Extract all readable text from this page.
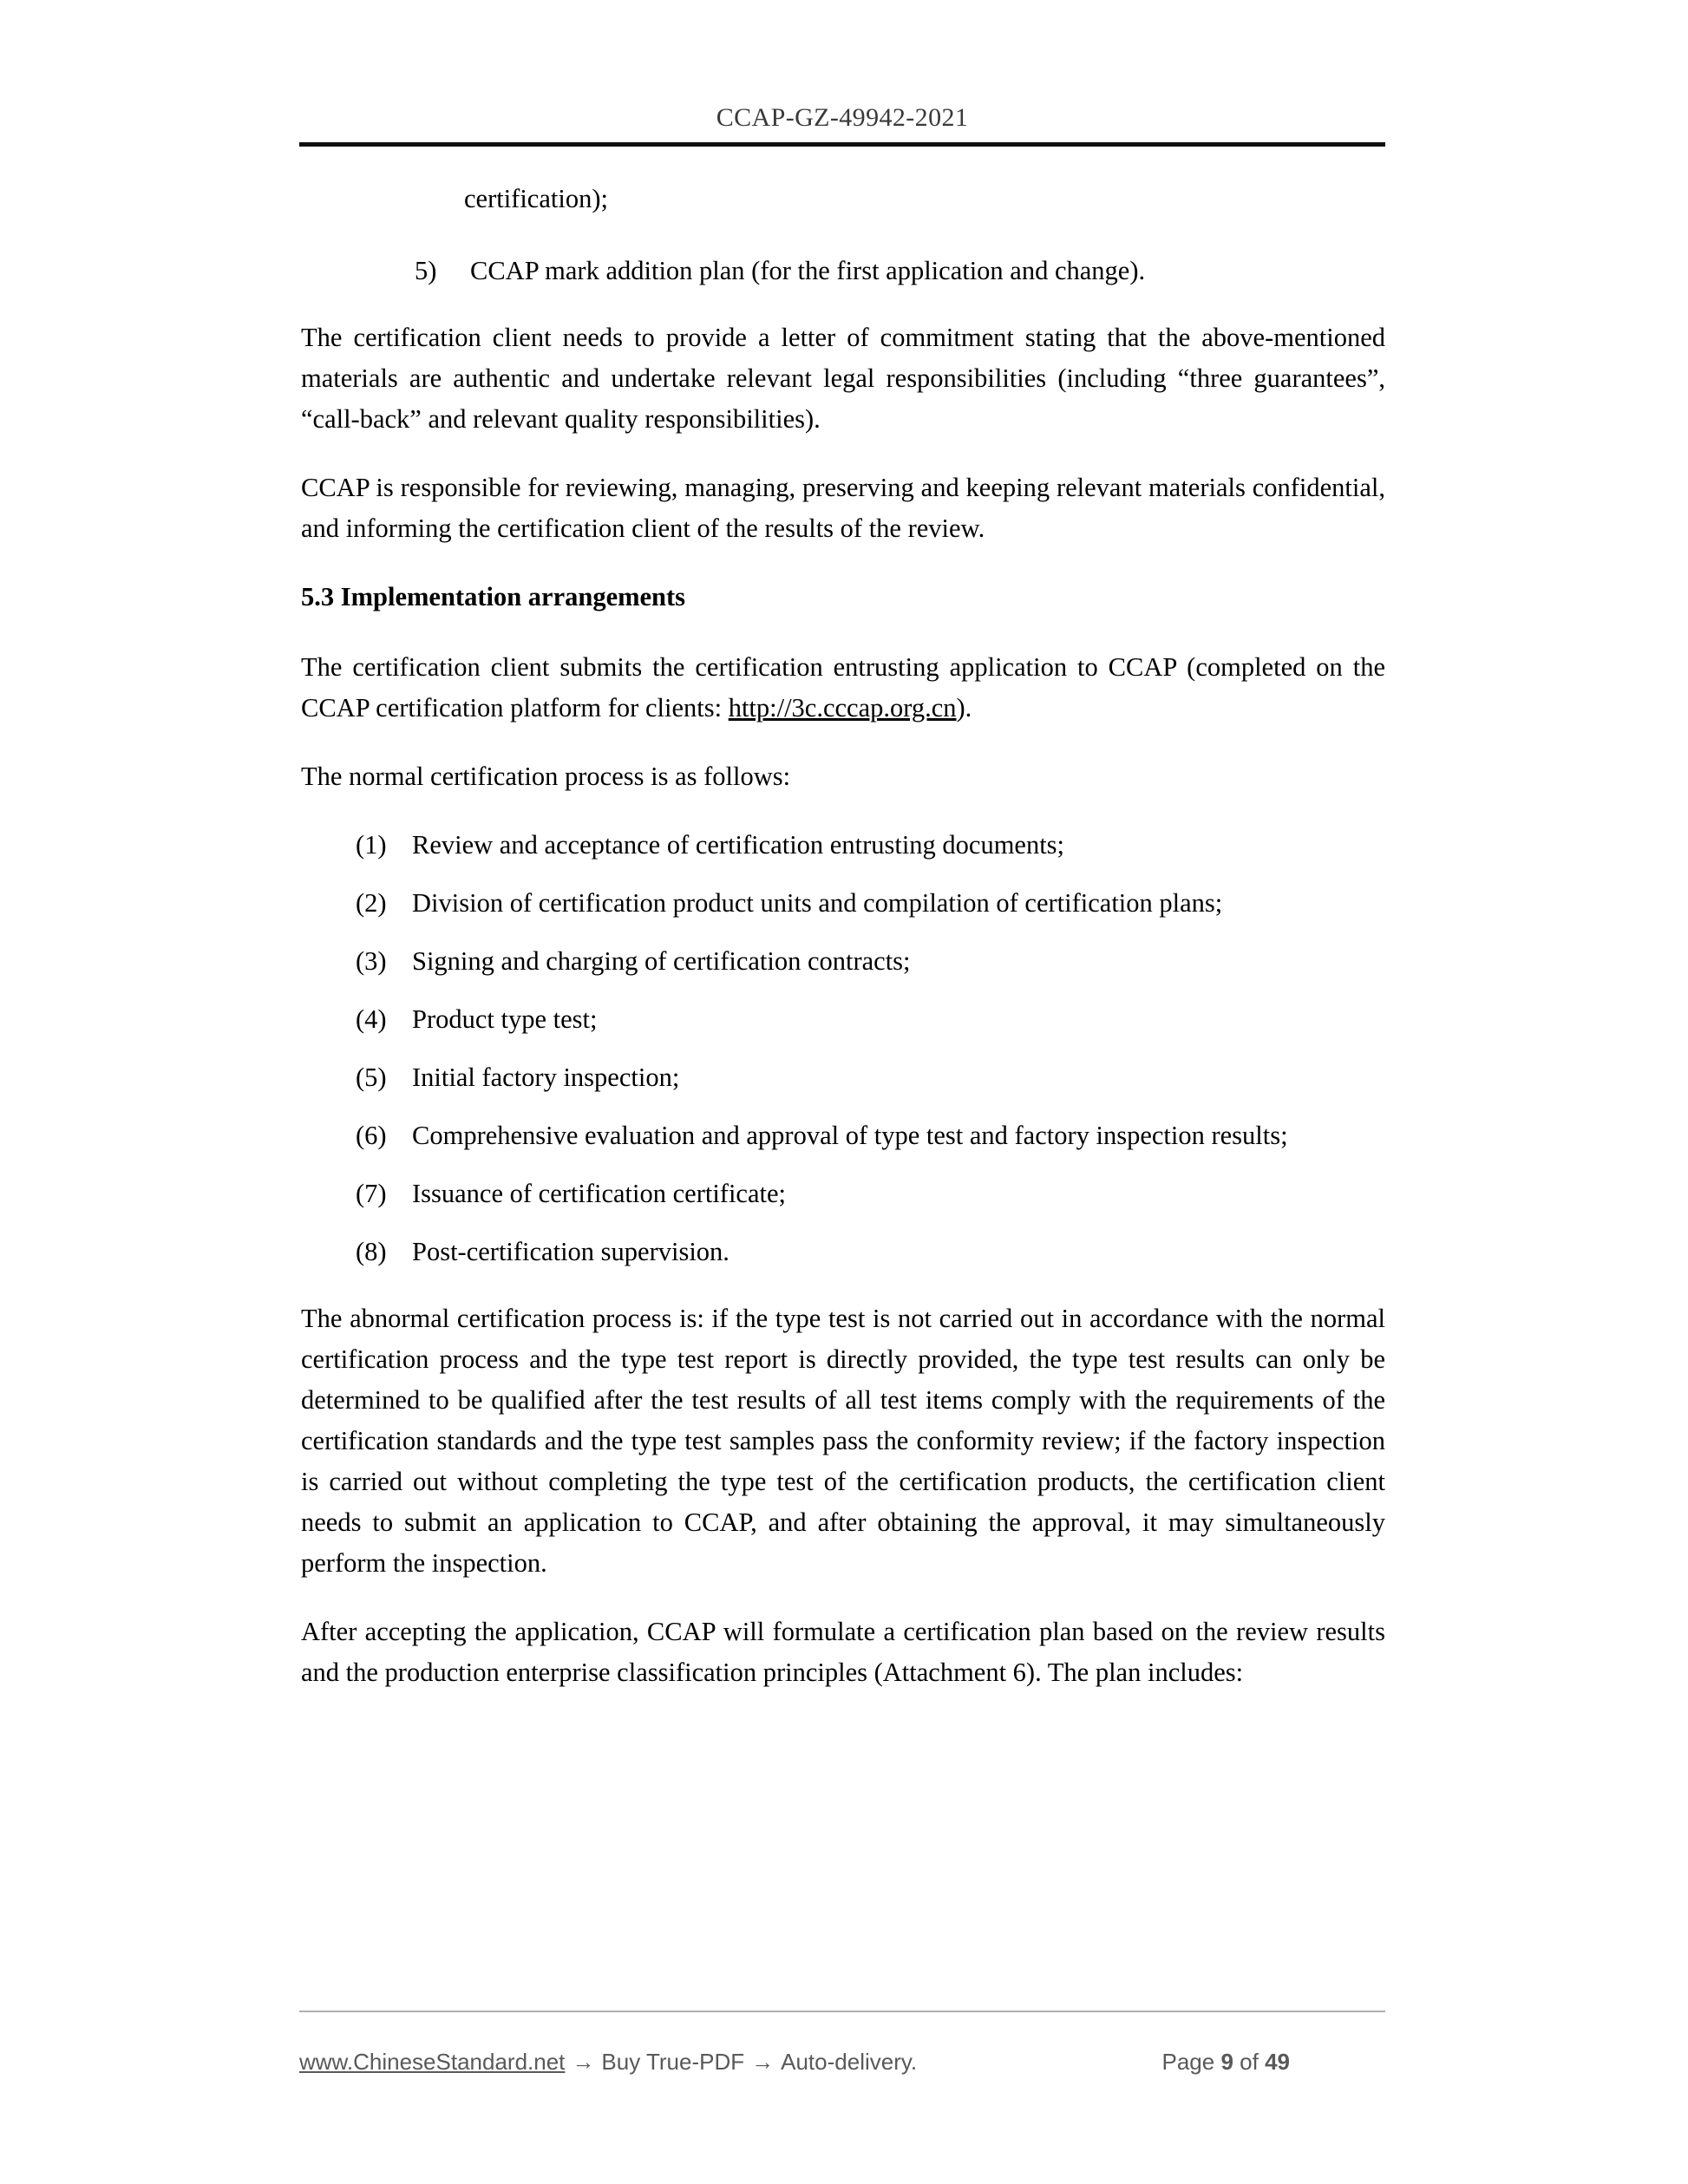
CCAP-GZ-49942-2021
certification);
5)	CCAP mark addition plan (for the first application and change).

The certification client needs to provide a letter of commitment stating that the above-mentioned materials are authentic and undertake relevant legal responsibilities (including “three guarantees”, “call-back” and relevant quality responsibilities).

CCAP is responsible for reviewing, managing, preserving and keeping relevant materials confidential, and informing the certification client of the results of the review.

5.3 Implementation arrangements

The certification client submits the certification entrusting application to CCAP (completed on the CCAP certification platform for clients: http://3c.cccap.org.cn).

The normal certification process is as follows:

(1) Review and acceptance of certification entrusting documents;
(2) Division of certification product units and compilation of certification plans;
(3) Signing and charging of certification contracts;
(4) Product type test;
(5) Initial factory inspection;
(6) Comprehensive evaluation and approval of type test and factory inspection results;
(7) Issuance of certification certificate;
(8) Post-certification supervision.

The abnormal certification process is: if the type test is not carried out in accordance with the normal certification process and the type test report is directly provided, the type test results can only be determined to be qualified after the test results of all test items comply with the requirements of the certification standards and the type test samples pass the conformity review; if the factory inspection is carried out without completing the type test of the certification products, the certification client needs to submit an application to CCAP, and after obtaining the approval, it may simultaneously perform the inspection.

After accepting the application, CCAP will formulate a certification plan based on the review results and the production enterprise classification principles (Attachment 6). The plan includes:

www.ChineseStandard.net → Buy True-PDF → Auto-delivery.	Page 9 of 49
